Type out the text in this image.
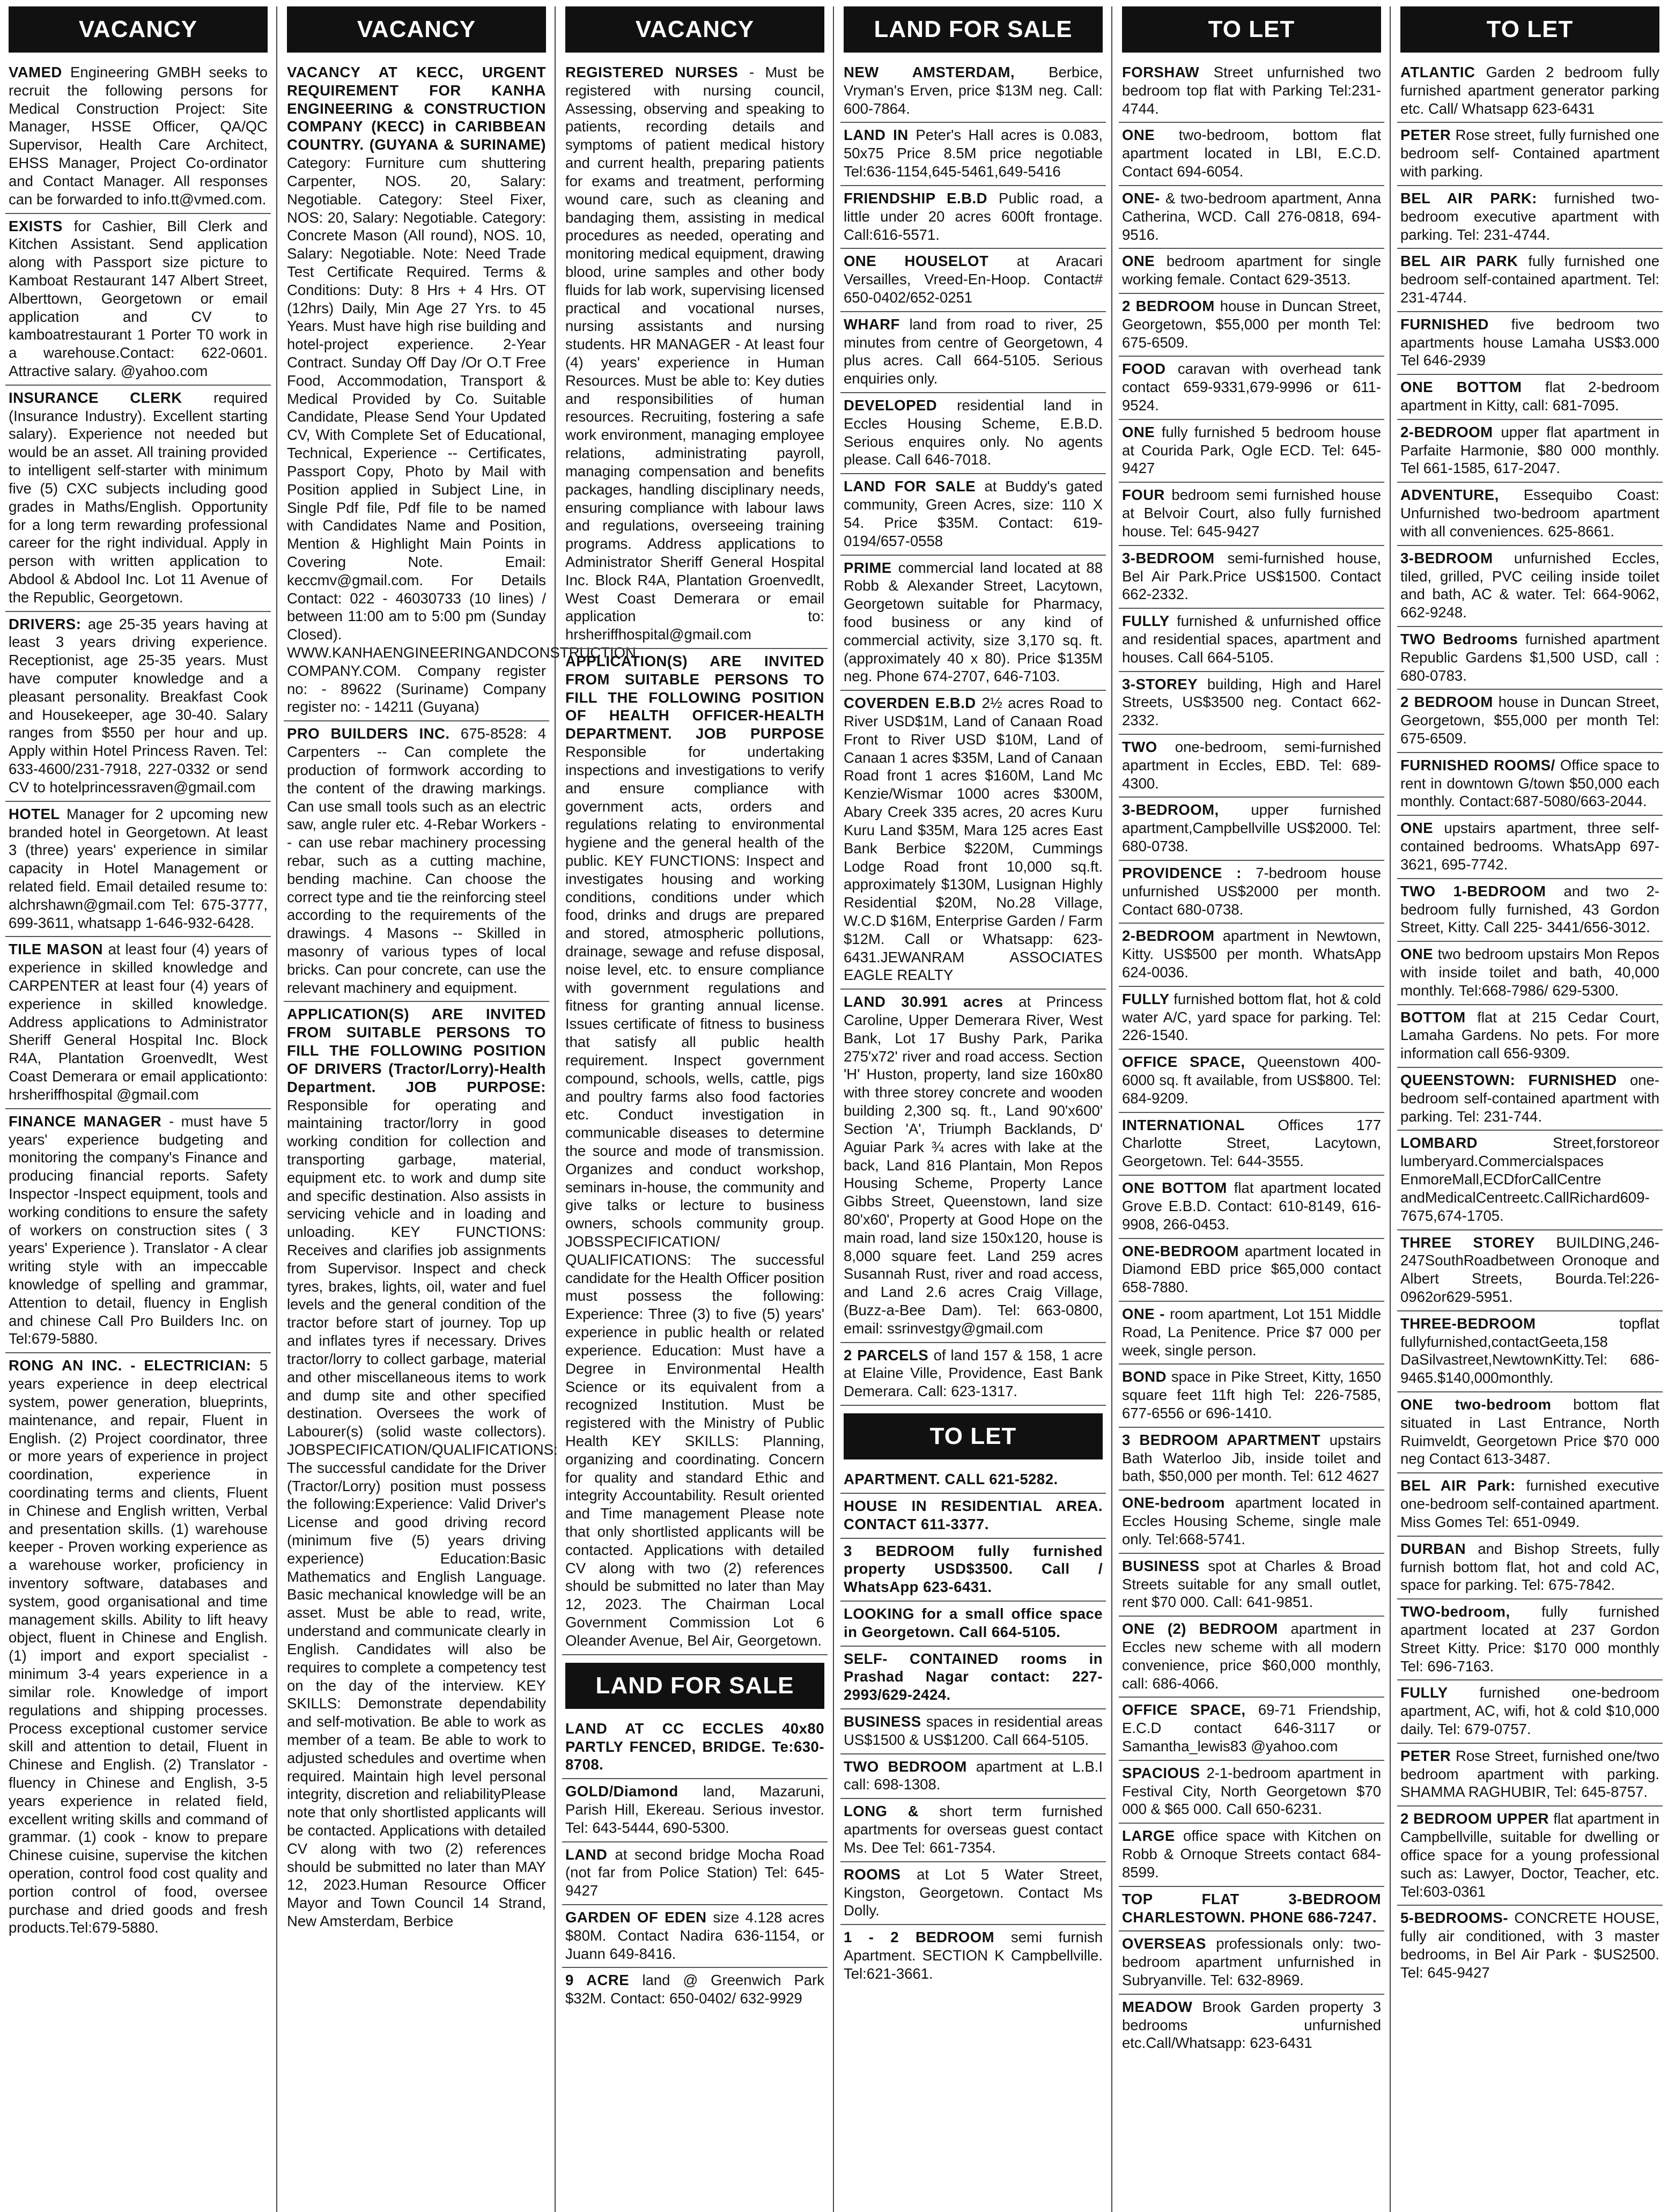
VACANCY
VAMED Engineering GMBH seeks to recruit the following persons for Medical Construction Project: Site Manager, HSSE Officer, QA/QC Supervisor, Health Care Architect, EHSS Manager, Project Co-ordinator and Contact Manager. All responses can be forwarded to info.tt@vmed.com.
EXISTS for Cashier, Bill Clerk and Kitchen Assistant. Send application along with Passport size picture to Kamboat Restaurant 147 Albert Street, Alberttown, Georgetown or email application and CV to kamboatrestaurant 1 Porter T0 work in a warehouse.Contact: 622-0601. Attractive salary. @yahoo.com
INSURANCE CLERK required (Insurance Industry). Excellent starting salary). Experience not needed but would be an asset. All training provided to intelligent self-starter with minimum five (5) CXC subjects including good grades in Maths/English. Opportunity for a long term rewarding professional career for the right individual. Apply in person with written application to Abdool & Abdool Inc. Lot 11 Avenue of the Republic, Georgetown.
DRIVERS: age 25-35 years having at least 3 years driving experience. Receptionist, age 25-35 years. Must have computer knowledge and a pleasant personality. Breakfast Cook and Housekeeper, age 30-40. Salary ranges from $550 per hour and up. Apply within Hotel Princess Raven. Tel: 633-4600/231-7918, 227-0332 or send CV to hotelprincessraven@gmail.com
HOTEL Manager for 2 upcoming new branded hotel in Georgetown. At least 3 (three) years' experience in similar capacity in Hotel Management or related field. Email detailed resume to: alchrshawn@gmail.com Tel: 675-3777, 699-3611, whatsapp 1-646-932-6428.
TILE MASON at least four (4) years of experience in skilled knowledge and CARPENTER at least four (4) years of experience in skilled knowledge. Address applications to Administrator Sheriff General Hospital Inc. Block R4A, Plantation Groenvedlt, West Coast Demerara or email applicationto: hrsheriffhospital @gmail.com
FINANCE MANAGER - must have 5 years' experience budgeting and monitoring the company's Finance and producing financial reports. Safety Inspector -Inspect equipment, tools and working conditions to ensure the safety of workers on construction sites ( 3 years' Experience ). Translator - A clear writing style with an impeccable knowledge of spelling and grammar, Attention to detail, fluency in English and chinese Call Pro Builders Inc. on Tel:679-5880.
RONG AN INC. - ELECTRICIAN: 5 years experience in deep electrical system, power generation, blueprints, maintenance, and repair, Fluent in English. (2) Project coordinator, three or more years of experience in project coordination, experience in coordinating terms and clients, Fluent in Chinese and English written, Verbal and presentation skills. (1) warehouse keeper - Proven working experience as a warehouse worker, proficiency in inventory software, databases and system, good organisational and time management skills. Ability to lift heavy object, fluent in Chinese and English. (1) import and export specialist - minimum 3-4 years experience in a similar role. Knowledge of import regulations and shipping processes. Process exceptional customer service skill and attention to detail, Fluent in Chinese and English. (2) Translator - fluency in Chinese and English, 3-5 years experience in related field, excellent writing skills and command of grammar. (1) cook - know to prepare Chinese cuisine, supervise the kitchen operation, control food cost quality and portion control of food, oversee purchase and dried goods and fresh products.Tel:679-5880.
VACANCY
VACANCY AT KECC, URGENT REQUIREMENT FOR KANHA ENGINEERING & CONSTRUCTION COMPANY (KECC) in CARIBBEAN COUNTRY. (GUYANA & SURINAME)Category: Furniture cum shuttering Carpenter, NOS. 20, Salary: Negotiable. Category: Steel Fixer, NOS: 20, Salary: Negotiable. Category: Concrete Mason (All round), NOS. 10, Salary: Negotiable. Note: Need Trade Test Certificate Required. Terms & Conditions: Duty: 8 Hrs + 4 Hrs. OT (12hrs) Daily, Min Age 27 Yrs. to 45 Years. Must have high rise building and hotel-project experience. 2-Year Contract. Sunday Off Day /Or O.T Free Food, Accommodation, Transport & Medical Provided by Co. Suitable Candidate, Please Send Your Updated CV, With Complete Set of Educational, Technical, Experience -- Certificates, Passport Copy, Photo by Mail with Position applied in Subject Line, in Single Pdf file, Pdf file to be named with Candidates Name and Position, Mention & Highlight Main Points in Covering Note. Email: keccmv@gmail.com. For Details Contact: 022 - 46030733 (10 lines) / between 11:00 am to 5:00 pm (Sunday Closed). WWW.KANHAENGINEERINGANDCONSTRUCTION COMPANY.COM. Company register no: - 89622 (Suriname) Company register no: - 14211 (Guyana)
PRO BUILDERS INC. 675-8528: 4 Carpenters -- Can complete the production of formwork according to the content of the drawing markings. Can use small tools such as an electric saw, angle ruler etc. 4-Rebar Workers -- can use rebar machinery processing rebar, such as a cutting machine, bending machine. Can choose the correct type and tie the reinforcing steel according to the requirements of the drawings. 4 Masons -- Skilled in masonry of various types of local bricks. Can pour concrete, can use the relevant machinery and equipment.
APPLICATION(S) ARE INVITED FROM SUITABLE PERSONS TO FILL THE FOLLOWING POSITION OF DRIVERS (Tractor/Lorry)-Health Department. JOB PURPOSE:Responsible for operating and maintaining tractor/lorry in good working condition for collection and transporting garbage, material, equipment etc. to work and dump site and specific destination. Also assists in servicing vehicle and in loading and unloading. KEY FUNCTIONS: Receives and clarifies job assignments from Supervisor. Inspect and check tyres, brakes, lights, oil, water and fuel levels and the general condition of the tractor before start of journey. Top up and inflates tyres if necessary. Drives tractor/lorry to collect garbage, material and other miscellaneous items to work and dump site and other specified destination. Oversees the work of Labourer(s) (solid waste collectors). JOBSPECIFICATION/QUALIFICATIONS: The successful candidate for the Driver (Tractor/Lorry) position must possess the following:Experience: Valid Driver's License and good driving record (minimum five (5) years driving experience) Education:Basic Mathematics and English Language. Basic mechanical knowledge will be an asset. Must be able to read, write, understand and communicate clearly in English. Candidates will also be requires to complete a competency test on the day of the interview. KEY SKILLS: Demonstrate dependability and self-motivation. Be able to work as member of a team. Be able to work to adjusted schedules and overtime when required. Maintain high level personal integrity, discretion and reliabilityPlease note that only shortlisted applicants will be contacted. Applications with detailed CV along with two (2) references should be submitted no later than MAY 12, 2023.Human Resource Officer Mayor and Town Council 14 Strand, New Amsterdam, Berbice
VACANCY
REGISTERED NURSES - Must be registered with nursing council, Assessing, observing and speaking to patients, recording details and symptoms of patient medical history and current health, preparing patients for exams and treatment, performing wound care, such as cleaning and bandaging them, assisting in medical procedures as needed, operating and monitoring medical equipment, drawing blood, urine samples and other body fluids for lab work, supervising licensed practical and vocational nurses, nursing assistants and nursing students. HR MANAGER - At least four (4) years' experience in Human Resources. Must be able to: Key duties and responsibilities of human resources. Recruiting, fostering a safe work environment, managing employee relations, administrating payroll, managing compensation and benefits packages, handling disciplinary needs, ensuring compliance with labour laws and regulations, overseeing training programs. Address applications to Administrator Sheriff General Hospital Inc. Block R4A, Plantation Groenvedlt, West Coast Demerara or email application to: hrsheriffhospital@gmail.com
APPLICATION(S) ARE INVITED FROM SUITABLE PERSONS TO FILL THE FOLLOWING POSITION OF HEALTH OFFICER-HEALTH DEPARTMENT. JOB PURPOSEResponsible for undertaking inspections and investigations to verify and ensure compliance with government acts, orders and regulations relating to environmental hygiene and the general health of the public. KEY FUNCTIONS: Inspect and investigates housing and working conditions, conditions under which food, drinks and drugs are prepared and stored, atmospheric pollutions, drainage, sewage and refuse disposal, noise level, etc. to ensure compliance with government regulations and fitness for granting annual license. Issues certificate of fitness to business that satisfy all public health requirement. Inspect government compound, schools, wells, cattle, pigs and poultry farms also food factories etc. Conduct investigation in communicable diseases to determine the source and mode of transmission. Organizes and conduct workshop, seminars in-house, the community and give talks or lecture to business owners, schools community group. JOBSSPECIFICATION/ QUALIFICATIONS: The successful candidate for the Health Officer position must possess the following: Experience: Three (3) to five (5) years' experience in public health or related experience. Education: Must have a Degree in Environmental Health Science or its equivalent from a recognized Institution. Must be registered with the Ministry of Public Health KEY SKILLS: Planning, organizing and coordinating. Concern for quality and standard Ethic and integrity Accountability. Result oriented and Time management Please note that only shortlisted applicants will be contacted. Applications with detailed CV along with two (2) references should be submitted no later than May 12, 2023. The Chairman Local Government Commission Lot 6 Oleander Avenue, Bel Air, Georgetown.
LAND FOR SALE
LAND AT CC ECCLES 40x80 PARTLY FENCED, BRIDGE. Te:630-8708.
GOLD/Diamond land, Mazaruni, Parish Hill, Ekereau. Serious investor. Tel: 643-5444, 690-5300.
LAND at second bridge Mocha Road (not far from Police Station) Tel: 645-9427
GARDEN OF EDEN size 4.128 acres $80M. Contact Nadira 636-1154, or Juann 649-8416.
9 ACRE land @ Greenwich Park $32M. Contact: 650-0402/ 632-9929
LAND FOR SALE
NEW AMSTERDAM, Berbice, Vryman's Erven, price $13M neg. Call: 600-7864.
LAND IN Peter's Hall acres is 0.083, 50x75 Price 8.5M price negotiable Tel:636-1154,645-5461,649-5416
FRIENDSHIP E.B.D Public road, a little under 20 acres 600ft frontage. Call:616-5571.
ONE HOUSELOT at Aracari Versailles, Vreed-En-Hoop. Contact# 650-0402/652-0251
WHARF land from road to river, 25 minutes from centre of Georgetown, 4 plus acres. Call 664-5105. Serious enquiries only.
DEVELOPED residential land in Eccles Housing Scheme, E.B.D. Serious enquires only. No agents please. Call 646-7018.
LAND FOR SALE at Buddy's gated community, Green Acres, size: 110 X 54. Price $35M. Contact: 619-0194/657-0558
PRIME commercial land located at 88 Robb & Alexander Street, Lacytown, Georgetown suitable for Pharmacy, food business or any kind of commercial activity, size 3,170 sq. ft. (approximately 40 x 80). Price $135M neg. Phone 674-2707, 646-7103.
COVERDEN E.B.D 2½ acres Road to River USD$1M, Land of Canaan Road Front to River USD $10M, Land of Canaan 1 acres $35M, Land of Canaan Road front 1 acres $160M, Land Mc Kenzie/Wismar 1000 acres $300M, Abary Creek 335 acres, 20 acres Kuru Kuru Land $35M, Mara 125 acres East Bank Berbice $220M, Cummings Lodge Road front 10,000 sq.ft. approximately $130M, Lusignan Highly Residential $20M, No.28 Village, W.C.D $16M, Enterprise Garden / Farm $12M. Call or Whatsapp: 623-6431.JEWANRAM ASSOCIATES EAGLE REALTY
LAND 30.991 acres at Princess Caroline, Upper Demerara River, West Bank, Lot 17 Bushy Park, Parika 275'x72' river and road access. Section 'H' Huston, property, land size 160x80 with three storey concrete and wooden building 2,300 sq. ft., Land 90'x600' Section 'A', Triumph Backlands, D' Aguiar Park ¾ acres with lake at the back, Land 816 Plantain, Mon Repos Housing Scheme, Property Lance Gibbs Street, Queenstown, land size 80'x60', Property at Good Hope on the main road, land size 150x120, house is 8,000 square feet. Land 259 acres Susannah Rust, river and road access, and Land 2.6 acres Craig Village, (Buzz-a-Bee Dam). Tel: 663-0800, email: ssrinvestgy@gmail.com
2 PARCELS of land 157 & 158, 1 acre at Elaine Ville, Providence, East Bank Demerara. Call: 623-1317.
TO LET
APARTMENT. CALL 621-5282.
HOUSE IN RESIDENTIAL AREA. CONTACT 611-3377.
3 BEDROOM fully furnished property USD$3500. Call / WhatsApp 623-6431.
LOOKING for a small office space in Georgetown. Call 664-5105.
SELF- CONTAINED rooms in Prashad Nagar contact: 227-2993/629-2424.
BUSINESS spaces in residential areas US$1500 & US$1200. Call 664-5105.
TWO BEDROOM apartment at L.B.I call: 698-1308.
LONG & short term furnished apartments for overseas guest contact Ms. Dee Tel: 661-7354.
ROOMS at Lot 5 Water Street, Kingston, Georgetown. Contact Ms Dolly.
1 - 2 BEDROOM semi furnish Apartment. SECTION K Campbellville. Tel:621-3661.
TO LET
FORSHAW Street unfurnished two bedroom top flat with Parking Tel:231-4744.
ONE two-bedroom, bottom flat apartment located in LBI, E.C.D. Contact 694-6054.
ONE- & two-bedroom apartment, Anna Catherina, WCD. Call 276-0818, 694-9516.
ONE bedroom apartment for single working female. Contact 629-3513.
2 BEDROOM house in Duncan Street, Georgetown, $55,000 per month Tel: 675-6509.
FOOD caravan with overhead tank contact 659-9331,679-9996 or 611-9524.
ONE fully furnished 5 bedroom house at Courida Park, Ogle ECD. Tel: 645-9427
FOUR bedroom semi furnished house at Belvoir Court, also fully furnished house. Tel: 645-9427
3-BEDROOM semi-furnished house, Bel Air Park.Price US$1500. Contact 662-2332.
FULLY furnished & unfurnished office and residential spaces, apartment and houses. Call 664-5105.
3-STOREY building, High and Harel Streets, US$3500 neg. Contact 662-2332.
TWO one-bedroom, semi-furnished apartment in Eccles, EBD. Tel: 689-4300.
3-BEDROOM, upper furnished apartment,Campbellville US$2000. Tel: 680-0738.
PROVIDENCE : 7-bedroom house unfurnished US$2000 per month. Contact 680-0738.
2-BEDROOM apartment in Newtown, Kitty. US$500 per month. WhatsApp 624-0036.
FULLY furnished bottom flat, hot & cold water A/C, yard space for parking. Tel: 226-1540.
OFFICE SPACE, Queenstown 400-6000 sq. ft available, from US$800. Tel: 684-9209.
INTERNATIONAL Offices 177 Charlotte Street, Lacytown, Georgetown. Tel: 644-3555.
ONE BOTTOM flat apartment located Grove E.B.D. Contact: 610-8149, 616-9908, 266-0453.
ONE-BEDROOM apartment located in Diamond EBD price $65,000 contact 658-7880.
ONE - room apartment, Lot 151 Middle Road, La Penitence. Price $7 000 per week, single person.
BOND space in Pike Street, Kitty, 1650 square feet 11ft high Tel: 226-7585, 677-6556 or 696-1410.
3 BEDROOM APARTMENT upstairs Bath Waterloo Jib, inside toilet and bath, $50,000 per month. Tel: 612 4627
ONE-bedroom apartment located in Eccles Housing Scheme, single male only. Tel:668-5741.
BUSINESS spot at Charles & Broad Streets suitable for any small outlet, rent $70 000. Call: 641-9851.
ONE (2) BEDROOM apartment in Eccles new scheme with all modern convenience, price $60,000 monthly, call: 686-4066.
OFFICE SPACE, 69-71 Friendship, E.C.D contact 646-3117 or Samantha_lewis83 @yahoo.com
SPACIOUS 2-1-bedroom apartment in Festival City, North Georgetown $70 000 & $65 000. Call 650-6231.
LARGE office space with Kitchen on Robb & Ornoque Streets contact 684-8599.
TOP FLAT 3-BEDROOM CHARLESTOWN. PHONE 686-7247.
OVERSEAS professionals only: two-bedroom apartment unfurnished in Subryanville. Tel: 632-8969.
MEADOW Brook Garden property 3 bedrooms unfurnished etc.Call/Whatsapp: 623-6431
TO LET
ATLANTIC Garden 2 bedroom fully furnished apartment generator parking etc. Call/ Whatsapp 623-6431
PETER Rose street, fully furnished one bedroom self- Contained apartment with parking.
BEL AIR PARK: furnished two-bedroom executive apartment with parking. Tel: 231-4744.
BEL AIR PARK fully furnished one bedroom self-contained apartment. Tel: 231-4744.
FURNISHED five bedroom two apartments house Lamaha US$3.000 Tel 646-2939
ONE BOTTOM flat 2-bedroom apartment in Kitty, call: 681-7095.
2-BEDROOM upper flat apartment in Parfaite Harmonie, $80 000 monthly. Tel 661-1585, 617-2047.
ADVENTURE, Essequibo Coast: Unfurnished two-bedroom apartment with all conveniences. 625-8661.
3-BEDROOM unfurnished Eccles, tiled, grilled, PVC ceiling inside toilet and bath, AC & water. Tel: 664-9062, 662-9248.
TWO Bedrooms furnished apartment Republic Gardens $1,500 USD, call : 680-0783.
2 BEDROOM house in Duncan Street, Georgetown, $55,000 per month Tel: 675-6509.
FURNISHED ROOMS/ Office space to rent in downtown G/town $50,000 each monthly. Contact:687-5080/663-2044.
ONE upstairs apartment, three self-contained bedrooms. WhatsApp 697-3621, 695-7742.
TWO 1-BEDROOM and two 2-bedroom fully furnished, 43 Gordon Street, Kitty. Call 225- 3441/656-3012.
ONE two bedroom upstairs Mon Repos with inside toilet and bath, 40,000 monthly. Tel:668-7986/ 629-5300.
BOTTOM flat at 215 Cedar Court, Lamaha Gardens. No pets. For more information call 656-9309.
QUEENSTOWN: FURNISHED one-bedroom self-contained apartment with parking. Tel: 231-744.
LOMBARD	Street,forstoreor lumberyard.Commercialspaces EnmoreMall,ECDforCallCentre andMedicalCentreetc.CallRichard609-7675,674-1705.
THREE STOREY BUILDING,246-247SouthRoadbetween Oronoque and Albert Streets, Bourda.Tel:226-0962or629-5951.
THREE-BEDROOM	topflat fullyfurnished,contactGeeta,158 DaSilvastreet,NewtownKitty.Tel: 686-9465.$140,000monthly.
ONE two-bedroom bottom flat situated in Last Entrance, North Ruimveldt, Georgetown Price $70 000 neg Contact 613-3487.
BEL AIR Park: furnished executive one-bedroom self-contained apartment. Miss Gomes Tel: 651-0949.
DURBAN and Bishop Streets, fully furnish bottom flat, hot and cold AC, space for parking. Tel: 675-7842.
TWO-bedroom, fully furnished apartment located at 237 Gordon Street Kitty. Price: $170 000 monthly Tel: 696-7163.
FULLY furnished one-bedroom apartment, AC, wifi, hot & cold $10,000 daily. Tel: 679-0757.
PETER Rose Street, furnished one/two bedroom apartment with parking. SHAMMA RAGHUBIR, Tel: 645-8757.
2 BEDROOM UPPER flat apartment in Campbellville, suitable for dwelling or office space for a young professional such as: Lawyer, Doctor, Teacher, etc. Tel:603-0361
5-BEDROOMS- CONCRETE HOUSE, fully air conditioned, with 3 master bedrooms, in Bel Air Park - $US2500. Tel: 645-9427
